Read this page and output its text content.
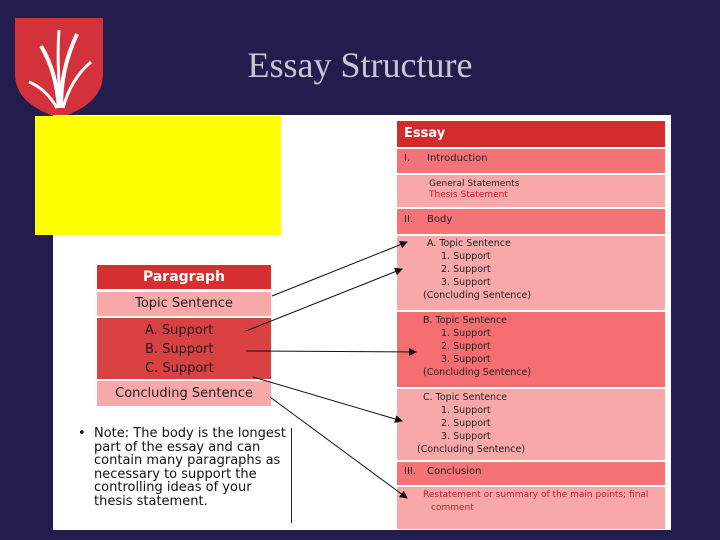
Essay Structure
Paragraph
Topic Sentence
A. Support
B. Support
C. Support
Concluding Sentence
• Note: The body is the longest part of the essay and can contain many paragraphs as necessary to support the controlling ideas of your thesis statement.
Essay
I. Introduction
General Statements
Thesis Statement
II. Body
A. Topic Sentence
1. Support
2. Support
3. Support
(Concluding Sentence)
B. Topic Sentence
1. Support
2. Support
3. Support
(Concluding Sentence)
C. Topic Sentence
1. Support
2. Support
3. Support
(Concluding Sentence)
III. Conclusion
Restatement or summary of the main points; final
comment
